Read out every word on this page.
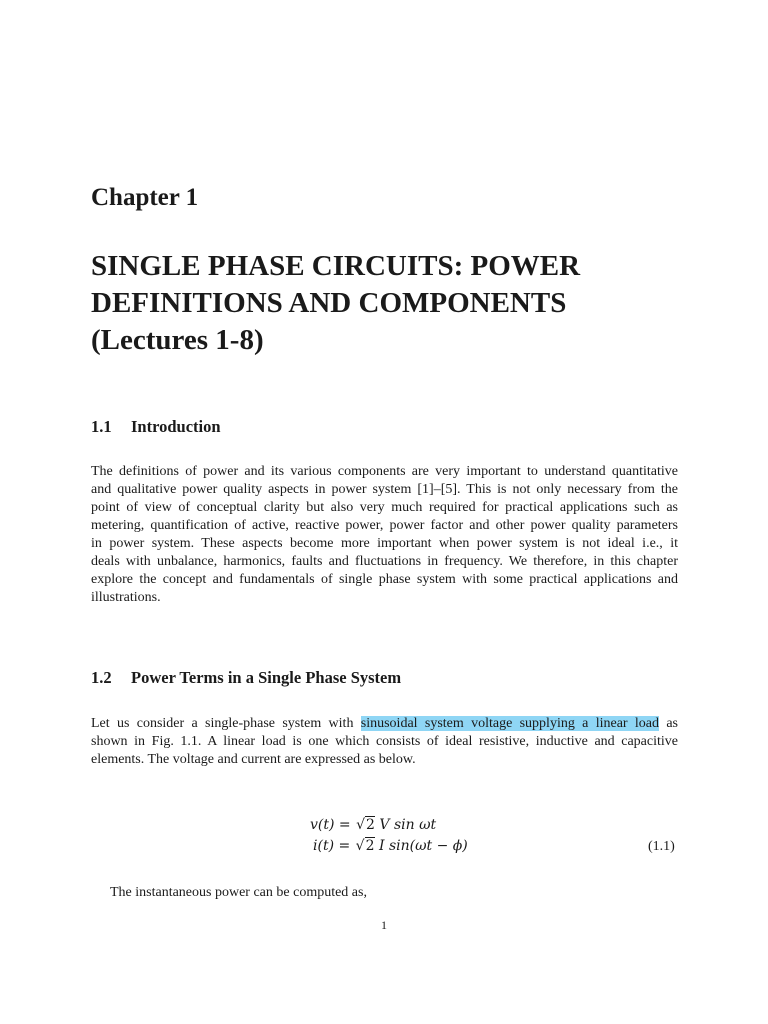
Chapter 1
SINGLE PHASE CIRCUITS: POWER
DEFINITIONS AND COMPONENTS
(Lectures 1-8)
1.1 Introduction
The definitions of power and its various components are very important to understand quantitative
and qualitative power quality aspects in power system [1]–[5]. This is not only necessary from the
point of view of conceptual clarity but also very much required for practical applications such as
metering, quantification of active, reactive power, power factor and other power quality parameters
in power system. These aspects become more important when power system is not ideal i.e., it
deals with unbalance, harmonics, faults and fluctuations in frequency. We therefore, in this chapter
explore the concept and fundamentals of single phase system with some practical applications and
illustrations.
1.2 Power Terms in a Single Phase System
Let us consider a single-phase system with sinusoidal system voltage supplying a linear load as
shown in Fig. 1.1. A linear load is one which consists of ideal resistive, inductive and capacitive
elements. The voltage and current are expressed as below.
v(t) = √2 V sin ωt
i(t) = √2 I sin(ωt − ϕ)	(1.1)

The instantaneous power can be computed as,

1
